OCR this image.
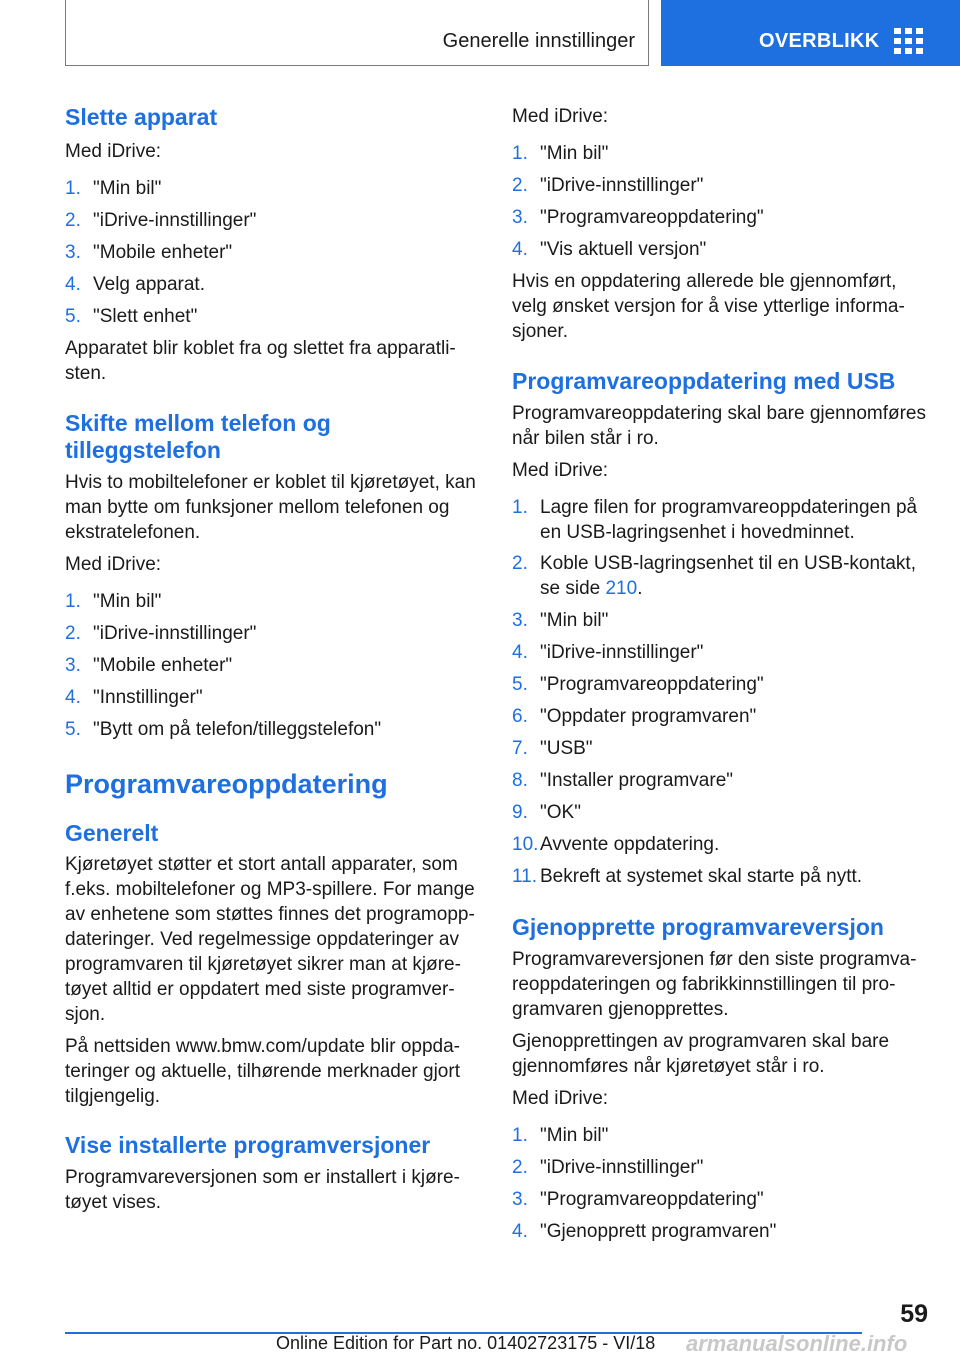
Generelle innstillinger	OVERBLIKK
Slette apparat
Med iDrive:
1. "Min bil"
2. "iDrive-innstillinger"
3. "Mobile enheter"
4. Velg apparat.
5. "Slett enhet"
Apparatet blir koblet fra og slettet fra apparatli‐
sten.
Skifte mellom telefon og
tilleggstelefon
Hvis to mobiltelefoner er koblet til kjøretøyet, kan
man bytte om funksjoner mellom telefonen og
ekstratelefonen.
Med iDrive:
1. "Min bil"
2. "iDrive-innstillinger"
3. "Mobile enheter"
4. "Innstillinger"
5. "Bytt om på telefon/tilleggstelefon"
Programvareoppdatering
Generelt
Kjøretøyet støtter et stort antall apparater, som
f.eks. mobiltelefoner og MP3-spillere. For mange
av enhetene som støttes finnes det programopp‐
dateringer. Ved regelmessige oppdateringer av
programvaren til kjøretøyet sikrer man at kjøre‐
tøyet alltid er oppdatert med siste programver‐
sjon.
På nettsiden www.bmw.com/update blir oppda‐
teringer og aktuelle, tilhørende merknader gjort
tilgjengelig.
Vise installerte programversjoner
Programvareversjonen som er installert i kjøre‐
tøyet vises.
Med iDrive:
1. "Min bil"
2. "iDrive-innstillinger"
3. "Programvareoppdatering"
4. "Vis aktuell versjon"
Hvis en oppdatering allerede ble gjennomført,
velg ønsket versjon for å vise ytterlige informa‐
sjoner.
Programvareoppdatering med USB
Programvareoppdatering skal bare gjennomføres
når bilen står i ro.
Med iDrive:
1. Lagre filen for programvareoppdateringen på
en USB-lagringsenhet i hovedminnet.
2. Koble USB-lagringsenhet til en USB-kontakt,
se side 210.
3. "Min bil"
4. "iDrive-innstillinger"
5. "Programvareoppdatering"
6. "Oppdater programvaren"
7. "USB"
8. "Installer programvare"
9. "OK"
10. Avvente oppdatering.
11. Bekreft at systemet skal starte på nytt.
Gjenopprette programvareversjon
Programvareversjonen før den siste programva‐
reoppdateringen og fabrikkinnstillingen til pro‐
gramvaren gjenopprettes.
Gjenopprettingen av programvaren skal bare
gjennomføres når kjøretøyet står i ro.
Med iDrive:
1. "Min bil"
2. "iDrive-innstillinger"
3. "Programvareoppdatering"
4. "Gjenopprett programvaren"
59
Online Edition for Part no. 01402723175 - VI/18 armanualsonline.info
